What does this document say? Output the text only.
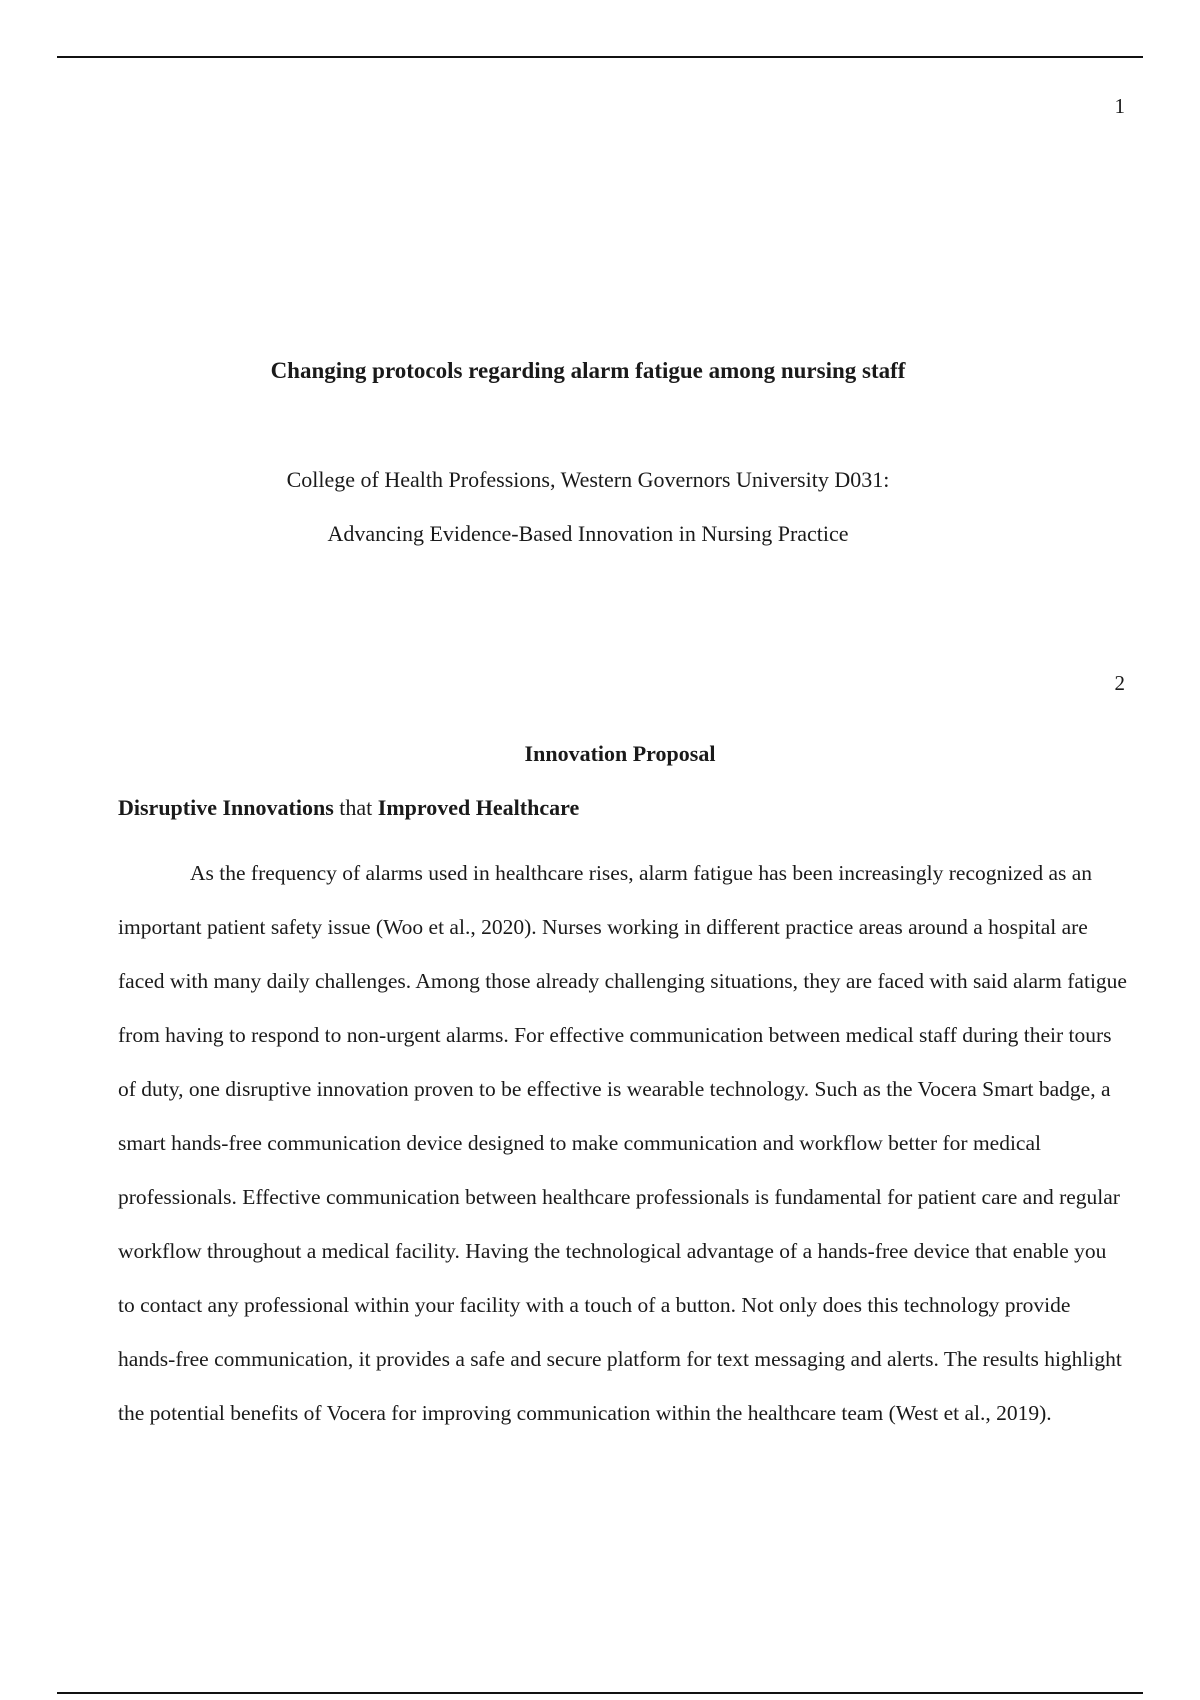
1
Changing protocols regarding alarm fatigue among nursing staff
College of Health Professions, Western Governors University D031:
Advancing Evidence-Based Innovation in Nursing Practice
2
Innovation Proposal
Disruptive Innovations that Improved Healthcare

As the frequency of alarms used in healthcare rises, alarm fatigue has been increasingly recognized as an important patient safety issue (Woo et al., 2020). Nurses working in different practice areas around a hospital are faced with many daily challenges. Among those already challenging situations, they are faced with said alarm fatigue from having to respond to non-urgent alarms. For effective communication between medical staff during their tours of duty, one disruptive innovation proven to be effective is wearable technology. Such as the Vocera Smart badge, a smart hands-free communication device designed to make communication and workflow better for medical professionals. Effective communication between healthcare professionals is fundamental for patient care and regular workflow throughout a medical facility. Having the technological advantage of a hands-free device that enable you to contact any professional within your facility with a touch of a button. Not only does this technology provide hands-free communication, it provides a safe and secure platform for text messaging and alerts. The results highlight the potential benefits of Vocera for improving communication within the healthcare team (West et al., 2019).
